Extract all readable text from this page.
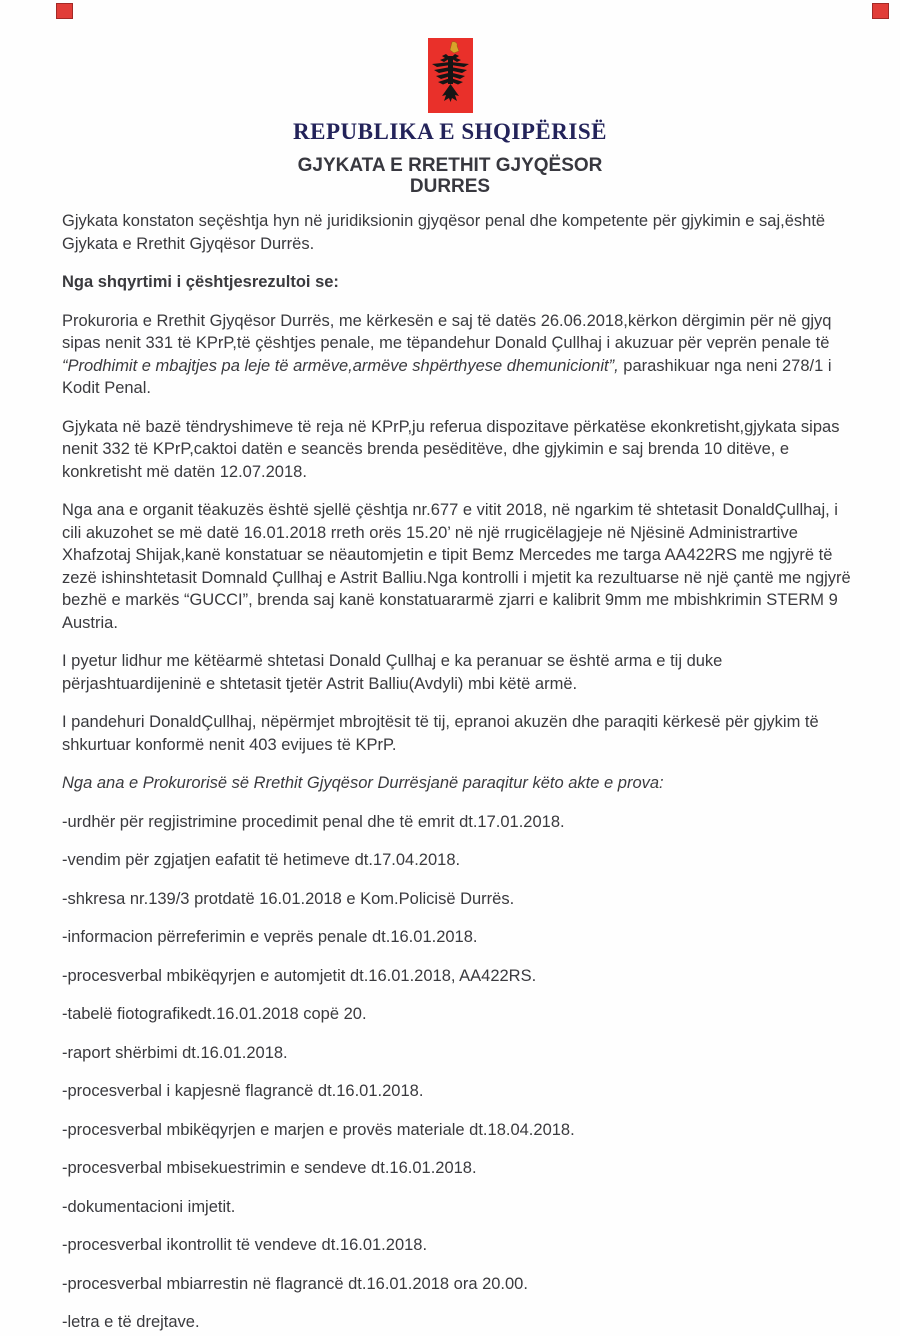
REPUBLIKA E SHQIPËRISË
GJYKATA E RRETHIT GJYQËSOR
DURRES

Gjykata konstaton seçështja hyn në juridiksionin gjyqësor penal dhe kompetente për gjykimin e saj,është Gjykata e Rrethit Gjyqësor Durrës.

Nga shqyrtimi i çështjesrezultoi se:

Prokuroria e Rrethit Gjyqësor Durrës, me kërkesën e saj të datës 26.06.2018,kërkon dërgimin për në gjyq sipas nenit 331 të KPrP,të çështjes penale, me tëpandehur Donald Çullhaj i akuzuar për veprën penale të “Prodhimit e mbajtjes pa leje të armëve,armëve shpërthyese dhemunicionit”, parashikuar nga neni 278/1 i Kodit Penal.

Gjykata në bazë tëndryshimeve të reja në KPrP,ju referua dispozitave përkatëse ekonkretisht,gjykata sipas nenit 332 të KPrP,caktoi datën e seancës brenda pesëditëve, dhe gjykimin e saj brenda 10 ditëve, e konkretisht më datën 12.07.2018.

Nga ana e organit tëakuzës është sjellë çështja nr.677 e vitit 2018, në ngarkim të shtetasit DonaldÇullhaj, i cili akuzohet se më datë 16.01.2018 rreth orës 15.20’ në një rrugicëlagjeje në Njësinë Administrartive Xhafzotaj Shijak,kanë konstatuar se nëautomjetin e tipit Bemz Mercedes me targa AA422RS me ngjyrë të zezë ishinshtetasit Domnald Çullhaj e Astrit Balliu.Nga kontrolli i mjetit ka rezultuarse në një çantë me ngjyrë bezhë e markës “GUCCI”, brenda saj kanë konstatuararmë zjarri e kalibrit 9mm me mbishkrimin STERM 9 Austria.

I pyetur lidhur me këtëarmë shtetasi Donald Çullhaj e ka peranuar se është arma e tij duke përjashtuardijeninë e shtetasit tjetër Astrit Balliu(Avdyli) mbi këtë armë.

I pandehuri DonaldÇullhaj, nëpërmjet mbrojtësit të tij, epranoi akuzën dhe paraqiti kërkesë për gjykim të shkurtuar konformë nenit 403 evijues të KPrP.

Nga ana e Prokurorisë së Rrethit Gjyqësor Durrësjanë paraqitur këto akte e prova:

-urdhër për regjistrimine procedimit penal dhe të emrit dt.17.01.2018.

-vendim për zgjatjen eafatit të hetimeve dt.17.04.2018.

-shkresa nr.139/3 protdatë 16.01.2018 e Kom.Policisë Durrës.

-informacion përreferimin e veprës penale dt.16.01.2018.

-procesverbal mbikëqyrjen e automjetit dt.16.01.2018, AA422RS.

-tabelë fiotografikedt.16.01.2018 copë 20.

-raport shërbimi dt.16.01.2018.

-procesverbal i kapjesnë flagrancë dt.16.01.2018.

-procesverbal mbikëqyrjen e marjen e provës materiale dt.18.04.2018.

-procesverbal mbisekuestrimin e sendeve dt.16.01.2018.

-dokumentacioni imjetit.

-procesverbal ikontrollit të vendeve dt.16.01.2018.

-procesverbal mbiarrestin në flagrancë dt.16.01.2018 ora 20.00.

-letra e të drejtave.
